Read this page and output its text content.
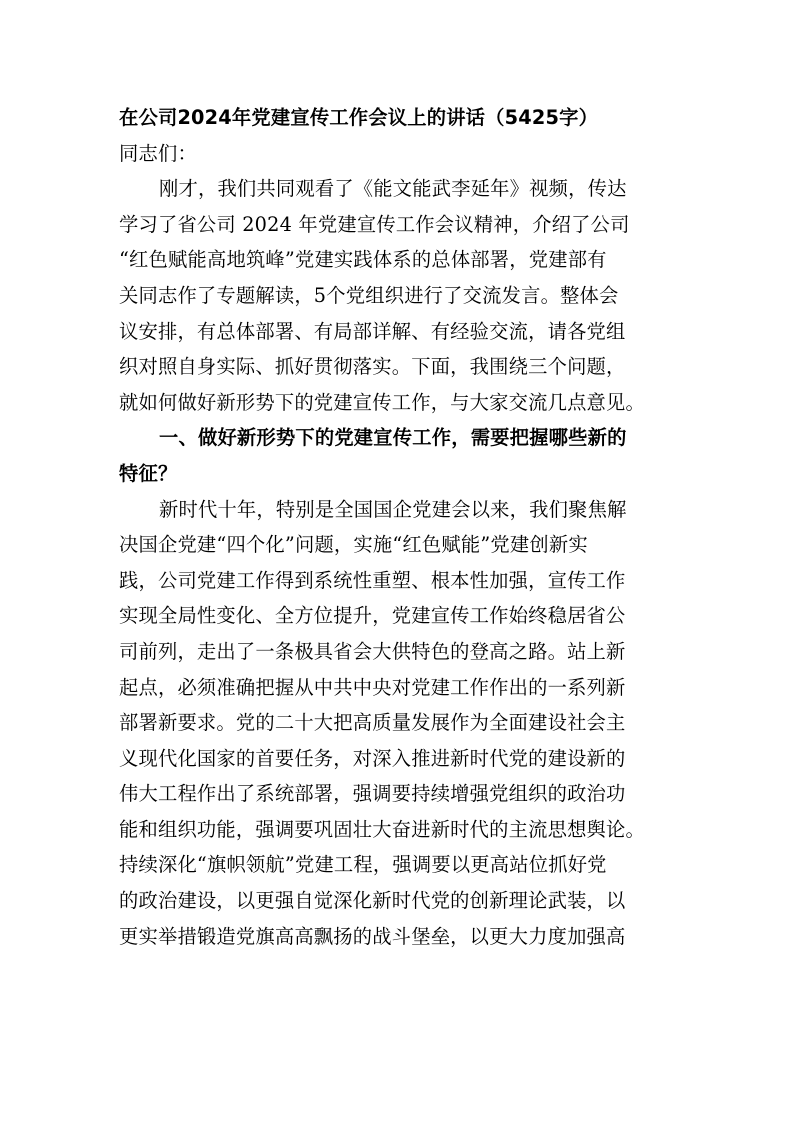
在公司2024年党建宣传工作会议上的讲话（5425字）
同志们：
刚才，我们共同观看了《能文能武李延年》视频，传达
学习了省公司 2024 年党建宣传工作会议精神，介绍了公司
“红色赋能高地筑峰”党建实践体系的总体部署，党建部有
关同志作了专题解读，5个党组织进行了交流发言。整体会
议安排，有总体部署、有局部详解、有经验交流，请各党组
织对照自身实际、抓好贯彻落实。下面，我围绕三个问题，
就如何做好新形势下的党建宣传工作，与大家交流几点意见。
一、做好新形势下的党建宣传工作，需要把握哪些新的
特征？
新时代十年，特别是全国国企党建会以来，我们聚焦解
决国企党建“四个化”问题，实施“红色赋能”党建创新实
践，公司党建工作得到系统性重塑、根本性加强，宣传工作
实现全局性变化、全方位提升，党建宣传工作始终稳居省公
司前列，走出了一条极具省会大供特色的登高之路。站上新
起点，必须准确把握从中共中央对党建工作作出的一系列新
部署新要求。党的二十大把高质量发展作为全面建设社会主
义现代化国家的首要任务，对深入推进新时代党的建设新的
伟大工程作出了系统部署，强调要持续增强党组织的政治功
能和组织功能，强调要巩固壮大奋进新时代的主流思想舆论。
持续深化“旗帜领航”党建工程，强调要以更高站位抓好党
的政治建设，以更强自觉深化新时代党的创新理论武装，以
更实举措锻造党旗高高飘扬的战斗堡垒，以更大力度加强高
